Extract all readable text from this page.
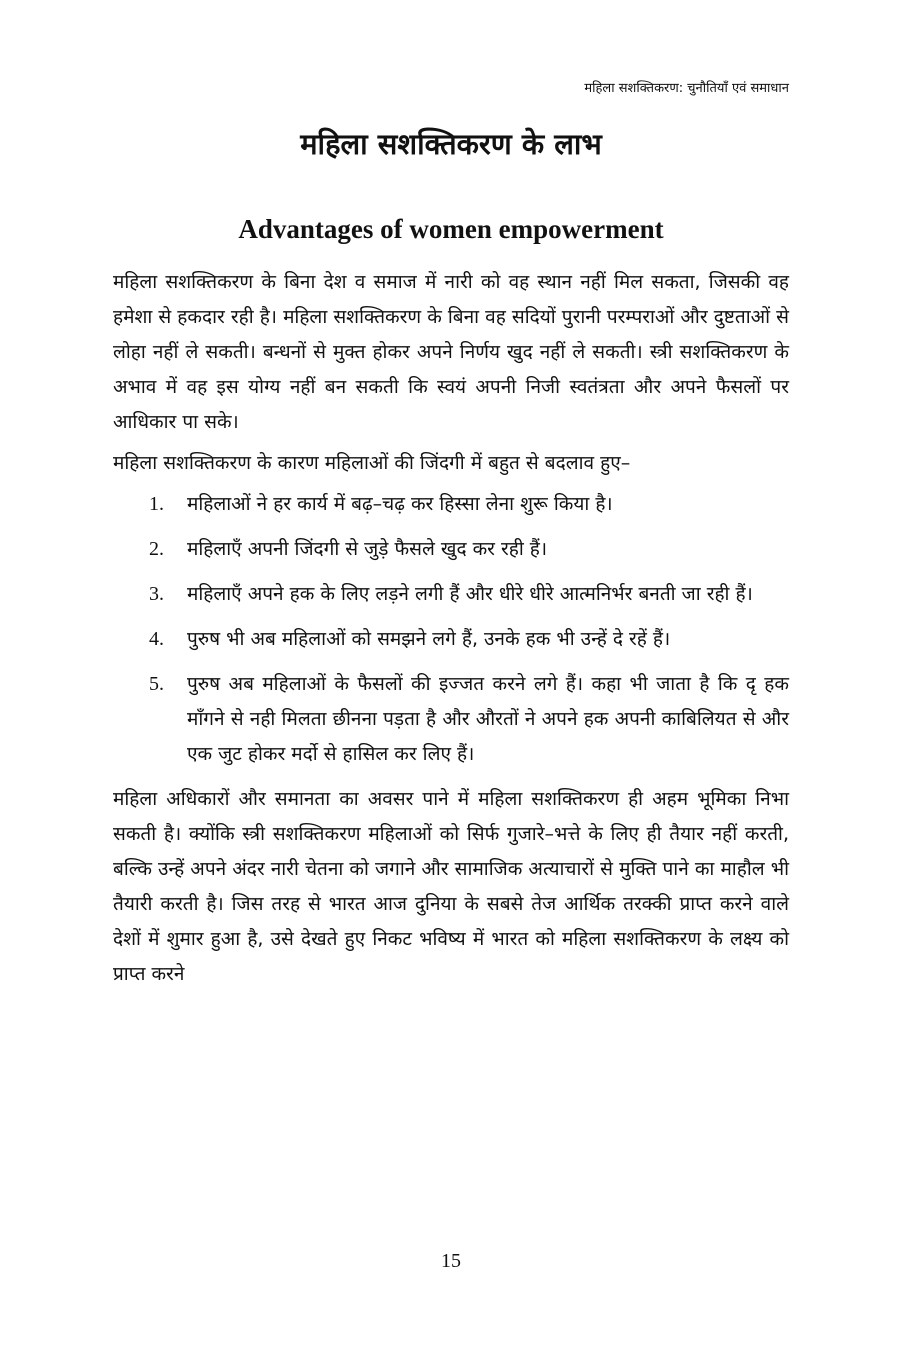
महिला सशक्तिकरण: चुनौतियाँ एवं समाधान
महिला सशक्तिकरण के लाभ
Advantages of women empowerment

महिला सशक्तिकरण के बिना देश व समाज में नारी को वह स्थान नहीं मिल सकता, जिसकी वह हमेशा से हकदार रही है। महिला सशक्तिकरण के बिना वह सदियों पुरानी परम्पराओं और दुष्टताओं से लोहा नहीं ले सकती। बन्धनों से मुक्त होकर अपने निर्णय खुद नहीं ले सकती। स्त्री सशक्तिकरण के अभाव में वह इस योग्य नहीं बन सकती कि स्वयं अपनी निजी स्वतंत्रता और अपने फैसलों पर आधिकार पा सके।

महिला सशक्तिकरण के कारण महिलाओं की जिंदगी में बहुत से बदलाव हुए–

1.	महिलाओं ने हर कार्य में बढ़–चढ़ कर हिस्सा लेना शुरू किया है।
2.	महिलाएँ अपनी जिंदगी से जुड़े फैसले खुद कर रही हैं।
3.	महिलाएँ अपने हक के लिए लड़ने लगी हैं और धीरे धीरे आत्मनिर्भर बनती जा रही हैं।
4.	पुरुष भी अब महिलाओं को समझने लगे हैं, उनके हक भी उन्हें दे रहें हैं।
5.	पुरुष अब महिलाओं के फैसलों की इज्जत करने लगे हैं। कहा भी जाता है कि दृ हक माँगने से नही मिलता छीनना पड़ता है और औरतों ने अपने हक अपनी काबिलियत से और एक जुट होकर मर्दो से हासिल कर लिए हैं।

महिला अधिकारों और समानता का अवसर पाने में महिला सशक्तिकरण ही अहम भूमिका निभा सकती है। क्योंकि स्त्री सशक्तिकरण महिलाओं को सिर्फ गुजारे–भत्ते के लिए ही तैयार नहीं करती, बल्कि उन्हें अपने अंदर नारी चेतना को जगाने और सामाजिक अत्याचारों से मुक्ति पाने का माहौल भी तैयारी करती है। जिस तरह से भारत आज दुनिया के सबसे तेज आर्थिक तरक्की प्राप्त करने वाले देशों में शुमार हुआ है, उसे देखते हुए निकट भविष्य में भारत को महिला सशक्तिकरण के लक्ष्य को प्राप्त करने

15
